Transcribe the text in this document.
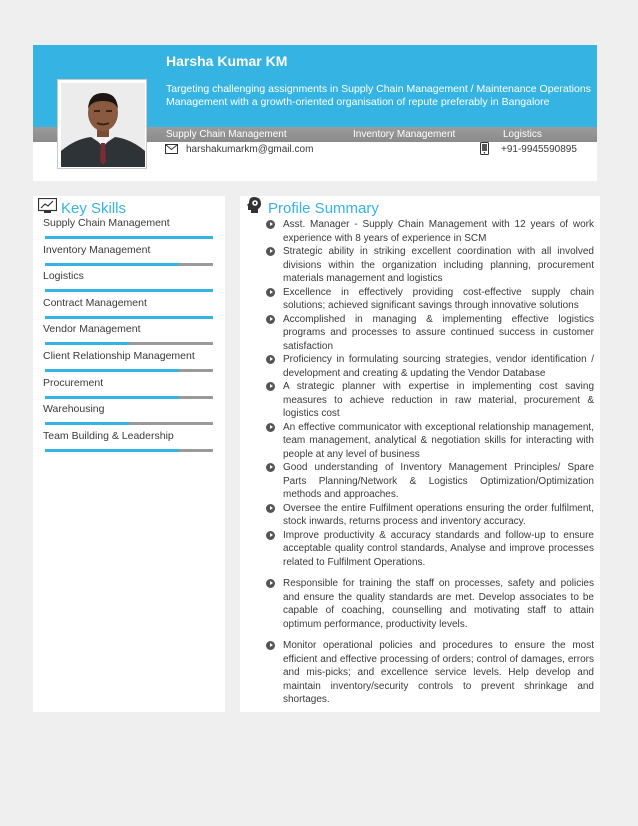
Harsha Kumar KM
Targeting challenging assignments in Supply Chain Management / Maintenance Operations Management with a growth-oriented organisation of repute preferably in Bangalore
Supply Chain Management	Inventory Management	Logistics
harshakumarkm@gmail.com	+91-9945590895
Key Skills
Supply Chain Management
Inventory Management
Logistics
Contract Management
Vendor Management
Client Relationship Management
Procurement
Warehousing
Team Building & Leadership
Profile Summary
Asst. Manager - Supply Chain Management with 12 years of work experience with 8 years of experience in SCM
Strategic ability in striking excellent coordination with all involved divisions within the organization including planning, procurement materials management and logistics
Excellence in effectively providing cost-effective supply chain solutions; achieved significant savings through innovative solutions
Accomplished in managing & implementing effective logistics programs and processes to assure continued success in customer satisfaction
Proficiency in formulating sourcing strategies, vendor identification / development and creating & updating the Vendor Database
A strategic planner with expertise in implementing cost saving measures to achieve reduction in raw material, procurement & logistics cost
An effective communicator with exceptional relationship management, team management, analytical & negotiation skills for interacting with people at any level of business
Good understanding of Inventory Management Principles/ Spare Parts Planning/Network & Logistics Optimization/Optimization methods and approaches.
Oversee the entire Fulfilment operations ensuring the order fulfilment, stock inwards, returns process and inventory accuracy.
Improve productivity & accuracy standards and follow-up to ensure acceptable quality control standards, Analyse and improve processes related to Fulfilment Operations.
Responsible for training the staff on processes, safety and policies and ensure the quality standards are met. Develop associates to be capable of coaching, counselling and motivating staff to attain optimum performance, productivity levels.
Monitor operational policies and procedures to ensure the most efficient and effective processing of orders; control of damages, errors and mis-picks; and excellence service levels. Help develop and maintain inventory/security controls to prevent shrinkage and shortages.
